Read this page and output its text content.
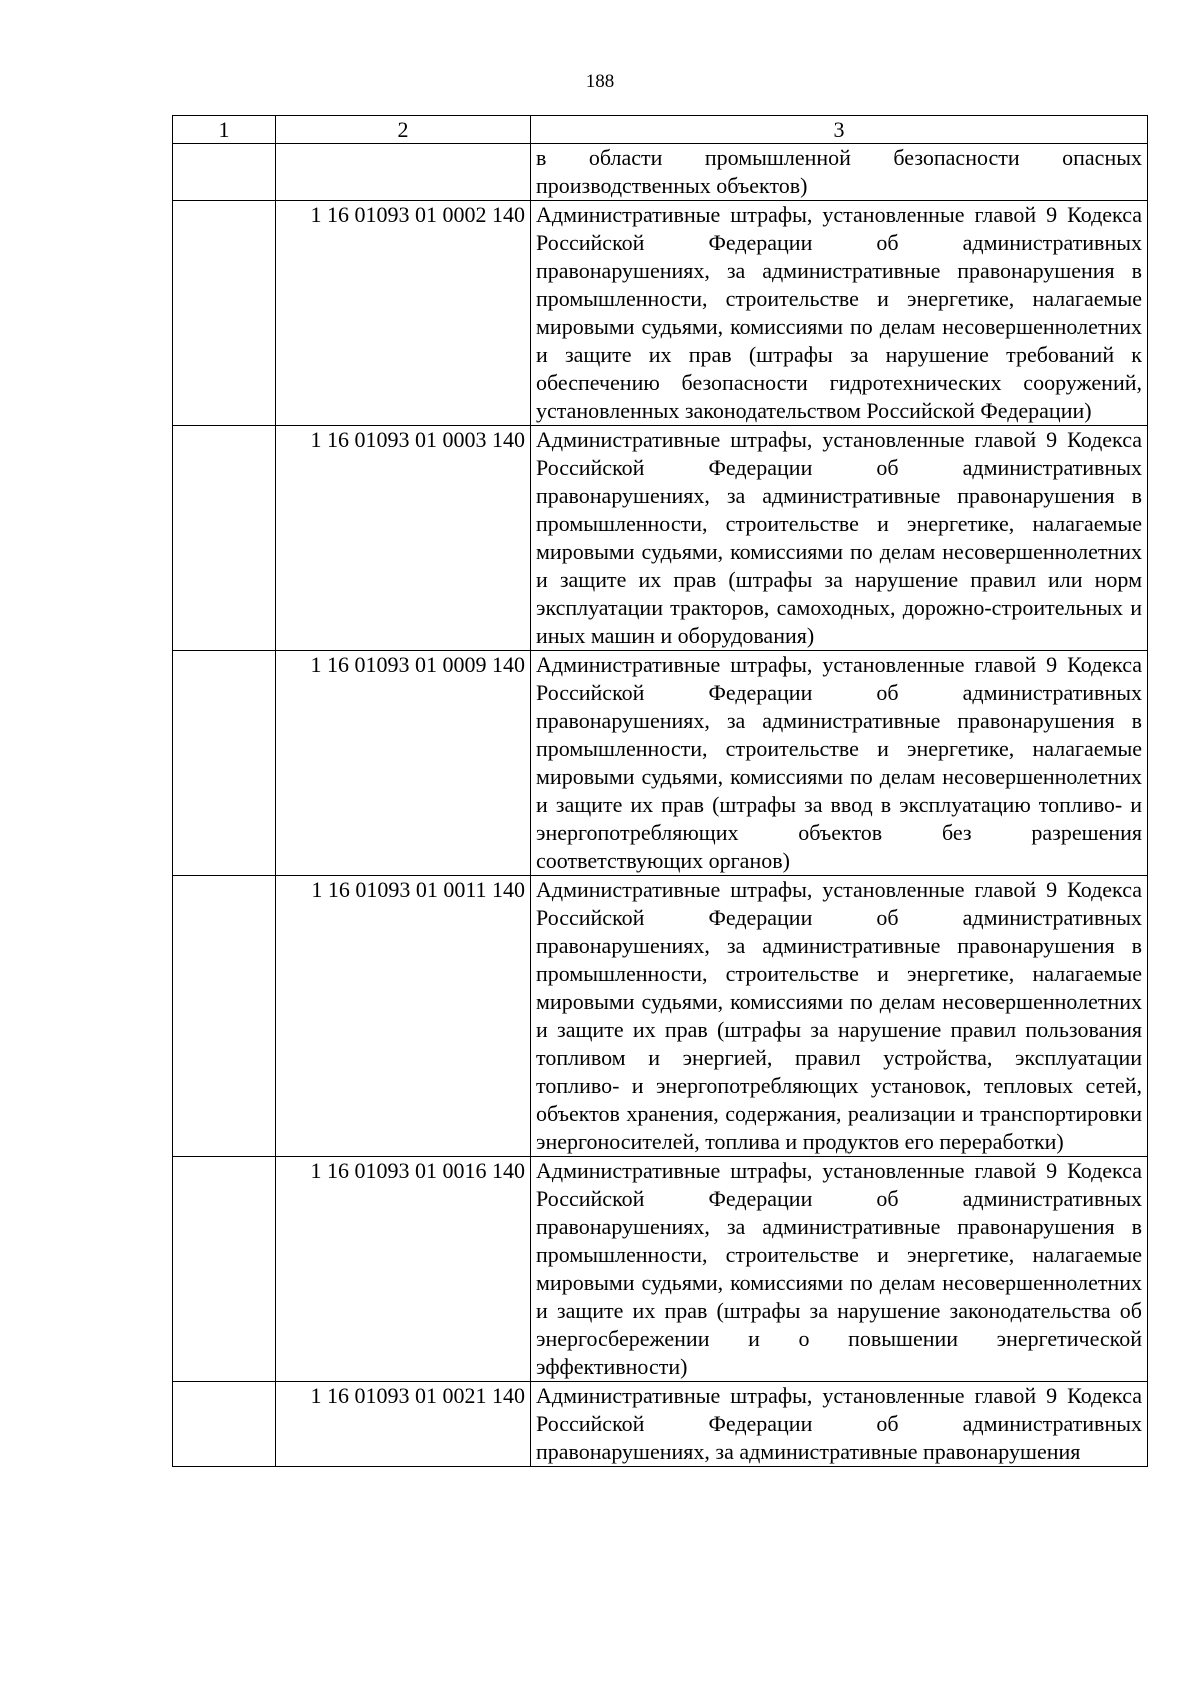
188
1	2	3
		в области промышленной безопасности опасных производственных объектов)
	1 16 01093 01 0002 140	Административные штрафы, установленные главой 9 Кодекса Российской Федерации об административных правонарушениях, за административные правонарушения в промышленности, строительстве и энергетике, налагаемые мировыми судьями, комиссиями по делам несовершеннолетних и защите их прав (штрафы за нарушение требований к обеспечению безопасности гидротехнических сооружений, установленных законодательством Российской Федерации)
	1 16 01093 01 0003 140	Административные штрафы, установленные главой 9 Кодекса Российской Федерации об административных правонарушениях, за административные правонарушения в промышленности, строительстве и энергетике, налагаемые мировыми судьями, комиссиями по делам несовершеннолетних и защите их прав (штрафы за нарушение правил или норм эксплуатации тракторов, самоходных, дорожно-строительных и иных машин и оборудования)
	1 16 01093 01 0009 140	Административные штрафы, установленные главой 9 Кодекса Российской Федерации об административных правонарушениях, за административные правонарушения в промышленности, строительстве и энергетике, налагаемые мировыми судьями, комиссиями по делам несовершеннолетних и защите их прав (штрафы за ввод в эксплуатацию топливо- и энергопотребляющих объектов без разрешения соответствующих органов)
	1 16 01093 01 0011 140	Административные штрафы, установленные главой 9 Кодекса Российской Федерации об административных правонарушениях, за административные правонарушения в промышленности, строительстве и энергетике, налагаемые мировыми судьями, комиссиями по делам несовершеннолетних и защите их прав (штрафы за нарушение правил пользования топливом и энергией, правил устройства, эксплуатации топливо- и энергопотребляющих установок, тепловых сетей, объектов хранения, содержания, реализации и транспортировки энергоносителей, топлива и продуктов его переработки)
	1 16 01093 01 0016 140	Административные штрафы, установленные главой 9 Кодекса Российской Федерации об административных правонарушениях, за административные правонарушения в промышленности, строительстве и энергетике, налагаемые мировыми судьями, комиссиями по делам несовершеннолетних и защите их прав (штрафы за нарушение законодательства об энергосбережении и о повышении энергетической эффективности)
	1 16 01093 01 0021 140	Административные штрафы, установленные главой 9 Кодекса Российской Федерации об административных правонарушениях, за административные правонарушения
